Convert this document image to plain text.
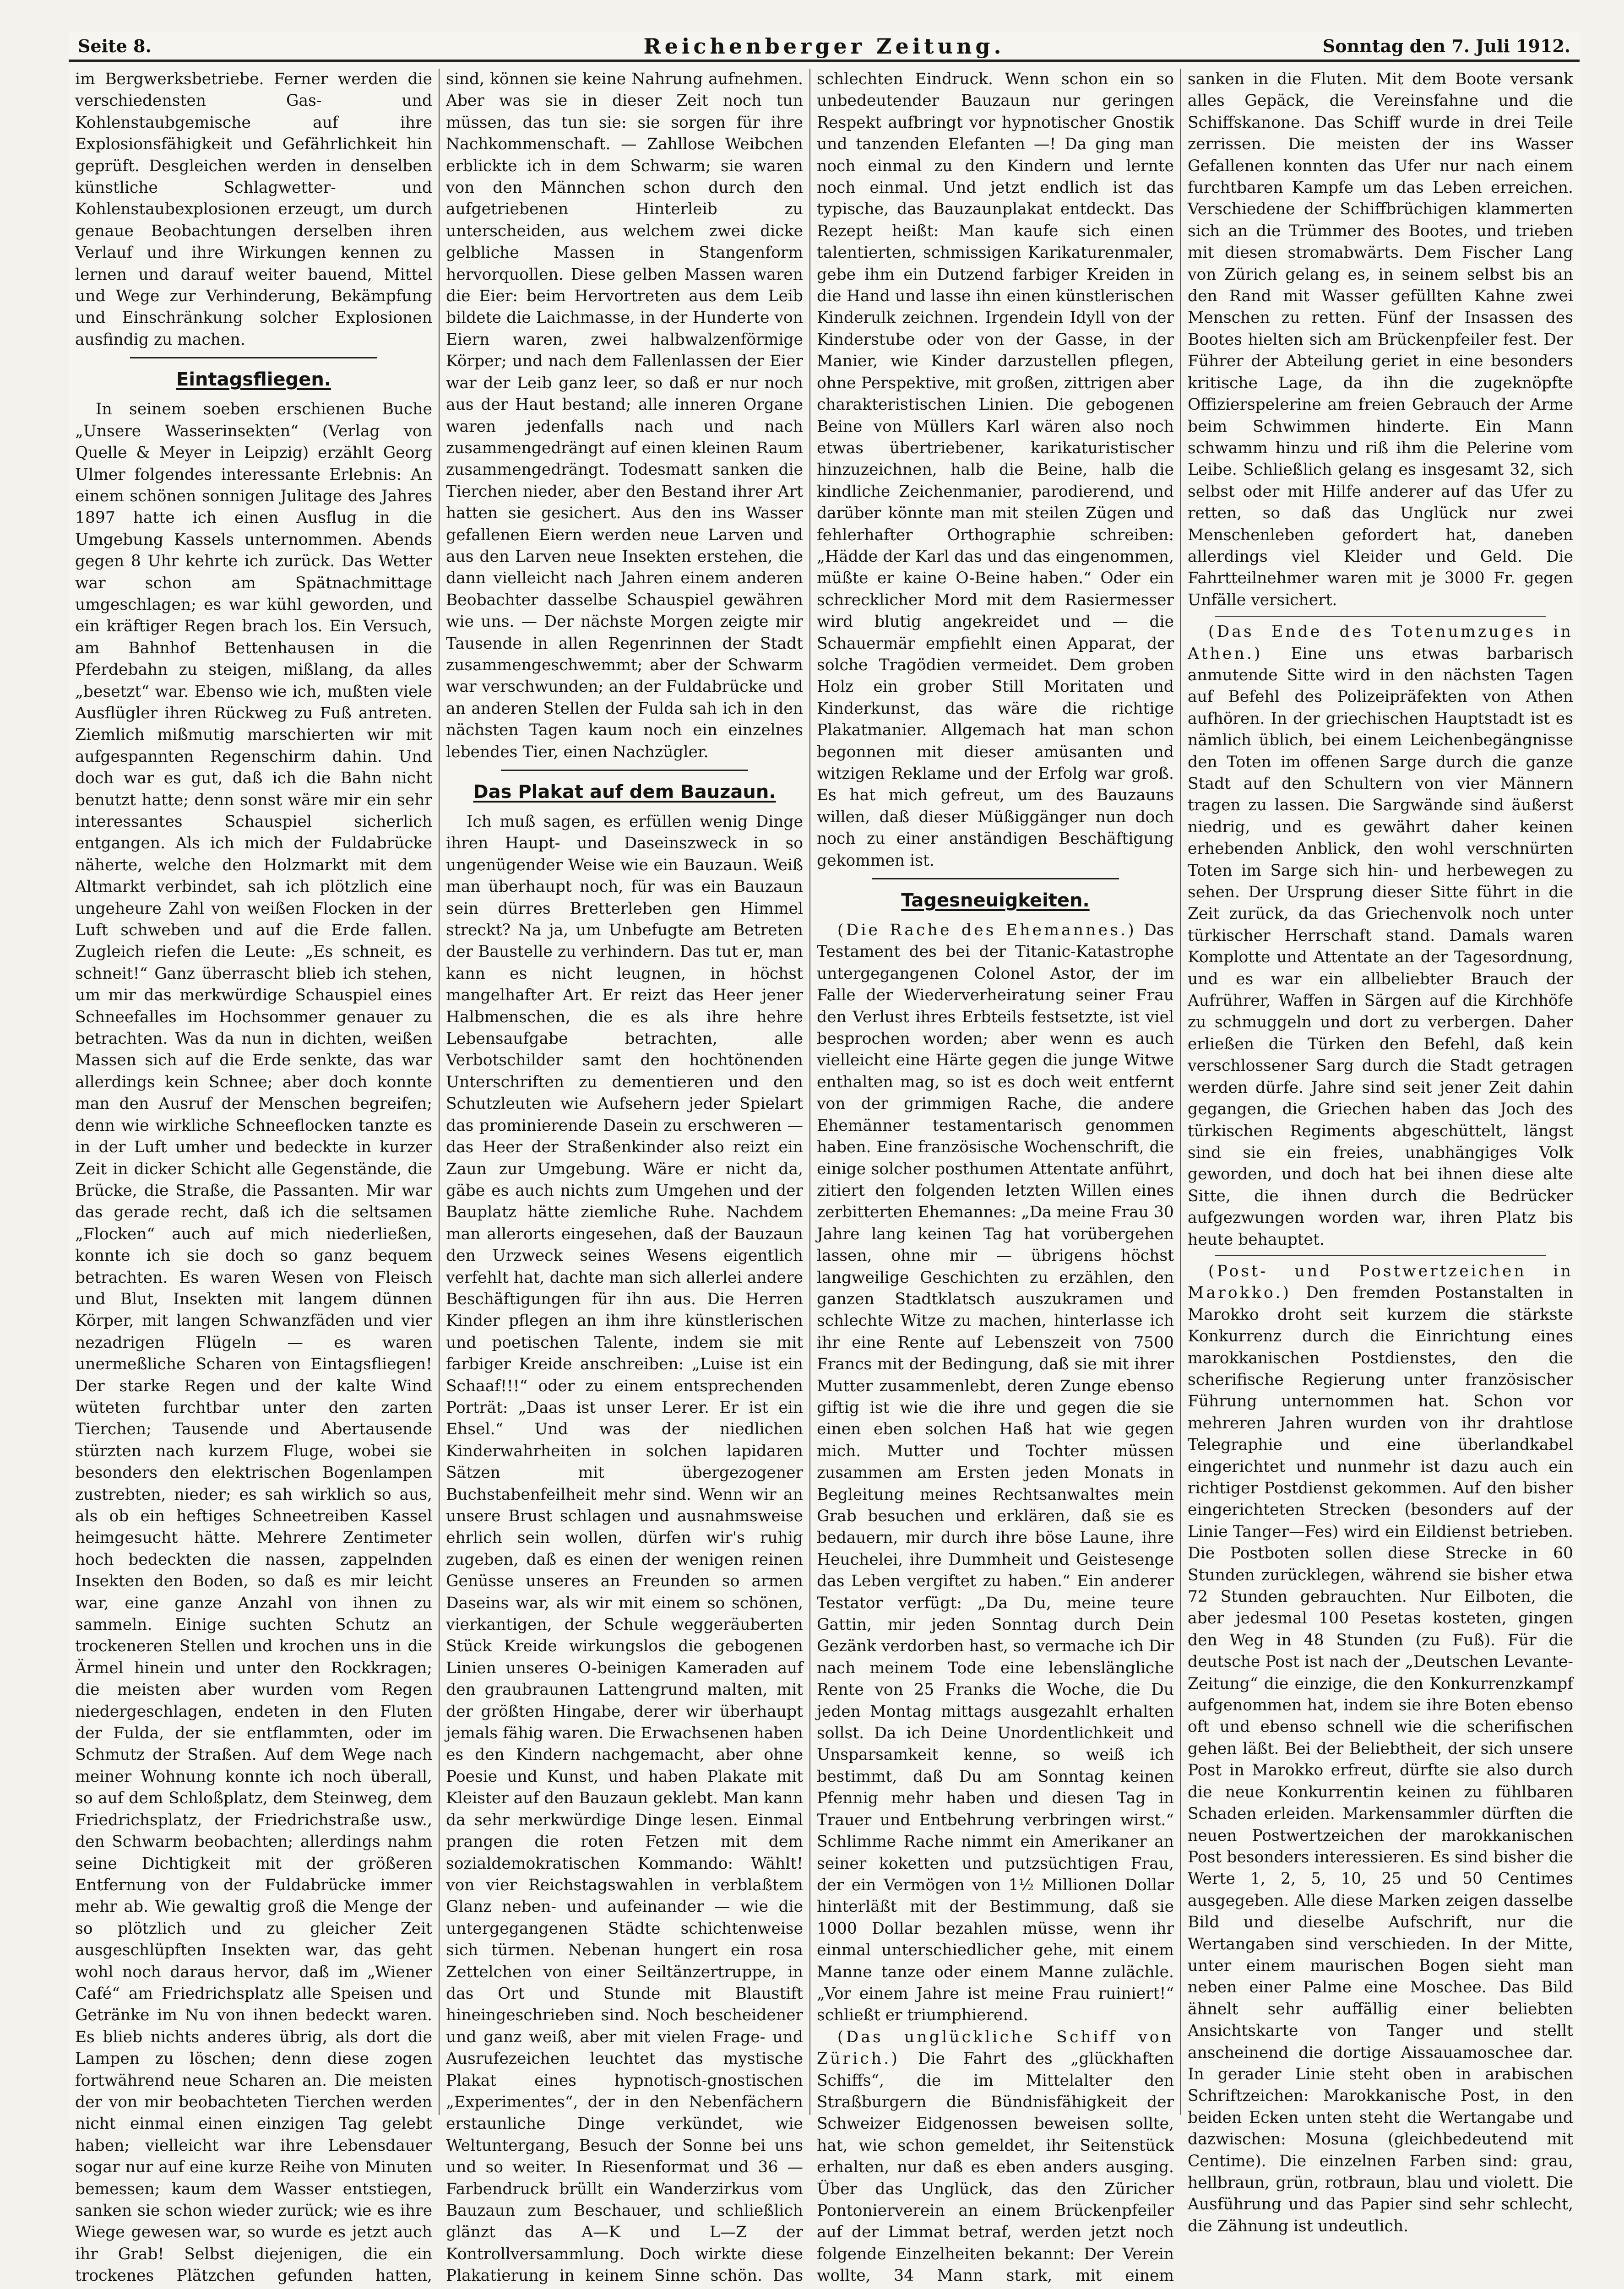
Seite 8.	Reichenberger Zeitung.	Sonntag den 7. Juli 1912.

im Bergwerksbetriebe. Ferner werden die verschiedensten Gas- und Kohlenstaubgemische auf ihre Explosionsfähigkeit und Gefährlichkeit hin geprüft. Desgleichen werden in denselben künstliche Schlagwetter- und Kohlenstaubexplosionen erzeugt, um durch genaue Beobachtungen derselben ihren Verlauf und ihre Wirkungen kennen zu lernen und darauf weiter bauend, Mittel und Wege zur Verhinderung, Bekämpfung und Einschränkung solcher Explosionen ausfindig zu machen.

Eintagsfliegen.

In seinem soeben erschienen Buche „Unsere Wasserinsekten“ (Verlag von Quelle & Meyer in Leipzig) erzählt Georg Ulmer folgendes interessante Erlebnis: An einem schönen sonnigen Julitage des Jahres 1897 hatte ich einen Ausflug in die Umgebung Kassels unternommen. Abends gegen 8 Uhr kehrte ich zurück. Das Wetter war schon am Spätnachmittage umgeschlagen; es war kühl geworden, und ein kräftiger Regen brach los. Ein Versuch, am Bahnhof Bettenhausen in die Pferdebahn zu steigen, mißlang, da alles „besetzt“ war. Ebenso wie ich, mußten viele Ausflügler ihren Rückweg zu Fuß antreten. Ziemlich mißmutig marschierten wir mit aufgespannten Regenschirm dahin. Und doch war es gut, daß ich die Bahn nicht benutzt hatte; denn sonst wäre mir ein sehr interessantes Schauspiel sicherlich entgangen. Als ich mich der Fuldabrücke näherte, welche den Holzmarkt mit dem Altmarkt verbindet, sah ich plötzlich eine ungeheure Zahl von weißen Flocken in der Luft schweben und auf die Erde fallen. Zugleich riefen die Leute: „Es schneit, es schneit!“ Ganz überrascht blieb ich stehen, um mir das merkwürdige Schauspiel eines Schneefalles im Hochsommer genauer zu betrachten. Was da nun in dichten, weißen Massen sich auf die Erde senkte, das war allerdings kein Schnee; aber doch konnte man den Ausruf der Menschen begreifen; denn wie wirkliche Schneeflocken tanzte es in der Luft umher und bedeckte in kurzer Zeit in dicker Schicht alle Gegenstände, die Brücke, die Straße, die Passanten. Mir war das gerade recht, daß ich die seltsamen „Flocken“ auch auf mich niederließen, konnte ich sie doch so ganz bequem betrachten. Es waren Wesen von Fleisch und Blut, Insekten mit langem dünnen Körper, mit langen Schwanzfäden und vier nezadrigen Flügeln — es waren unermeßliche Scharen von Eintagsfliegen! Der starke Regen und der kalte Wind wüteten furchtbar unter den zarten Tierchen; Tausende und Abertausende stürzten nach kurzem Fluge, wobei sie besonders den elektrischen Bogenlampen zustrebten, nieder; es sah wirklich so aus, als ob ein heftiges Schneetreiben Kassel heimgesucht hätte. Mehrere Zentimeter hoch bedeckten die nassen, zappelnden Insekten den Boden, so daß es mir leicht war, eine ganze Anzahl von ihnen zu sammeln. Einige suchten Schutz an trockeneren Stellen und krochen uns in die Ärmel hinein und unter den Rockkragen; die meisten aber wurden vom Regen niedergeschlagen, endeten in den Fluten der Fulda, der sie entflammten, oder im Schmutz der Straßen. Auf dem Wege nach meiner Wohnung konnte ich noch überall, so auf dem Schloßplatz, dem Steinweg, dem Friedrichsplatz, der Friedrichstraße usw., den Schwarm beobachten; allerdings nahm seine Dichtigkeit mit der größeren Entfernung von der Fuldabrücke immer mehr ab. Wie gewaltig groß die Menge der so plötzlich und zu gleicher Zeit ausgeschlüpften Insekten war, das geht wohl noch daraus hervor, daß im „Wiener Café“ am Friedrichsplatz alle Speisen und Getränke im Nu von ihnen bedeckt waren. Es blieb nichts anderes übrig, als dort die Lampen zu löschen; denn diese zogen fortwährend neue Scharen an. Die meisten der von mir beobachteten Tierchen werden nicht einmal einen einzigen Tag gelebt haben; vielleicht war ihre Lebensdauer sogar nur auf eine kurze Reihe von Minuten bemessen; kaum dem Wasser entstiegen, sanken sie schon wieder zurück; wie es ihre Wiege gewesen war, so wurde es jetzt auch ihr Grab! Selbst diejenigen, die ein trockenes Plätzchen gefunden hatten,

sind, können sie keine Nahrung aufnehmen. Aber was sie in dieser Zeit noch tun müssen, das tun sie: sie sorgen für ihre Nachkommenschaft. — Zahllose Weibchen erblickte ich in dem Schwarm; sie waren von den Männchen schon durch den aufgetriebenen Hinterleib zu unterscheiden, aus welchem zwei dicke gelbliche Massen in Stangenform hervorquollen. Diese gelben Massen waren die Eier: beim Hervortreten aus dem Leib bildete die Laichmasse, in der Hunderte von Eiern waren, zwei halbwalzenförmige Körper; und nach dem Fallenlassen der Eier war der Leib ganz leer, so daß er nur noch aus der Haut bestand; alle inneren Organe waren jedenfalls nach und nach zusammengedrängt auf einen kleinen Raum zusammengedrängt. Todesmatt sanken die Tierchen nieder, aber den Bestand ihrer Art hatten sie gesichert. Aus den ins Wasser gefallenen Eiern werden neue Larven und aus den Larven neue Insekten erstehen, die dann vielleicht nach Jahren einem anderen Beobachter dasselbe Schauspiel gewähren wie uns. — Der nächste Morgen zeigte mir Tausende in allen Regenrinnen der Stadt zusammengeschwemmt; aber der Schwarm war verschwunden; an der Fuldabrücke und an anderen Stellen der Fulda sah ich in den nächsten Tagen kaum noch ein einzelnes lebendes Tier, einen Nachzügler.

Das Plakat auf dem Bauzaun.

Ich muß sagen, es erfüllen wenig Dinge ihren Haupt- und Daseinszweck in so ungenügender Weise wie ein Bauzaun. Weiß man überhaupt noch, für was ein Bauzaun sein dürres Bretterleben gen Himmel streckt? Na ja, um Unbefugte am Betreten der Baustelle zu verhindern. Das tut er, man kann es nicht leugnen, in höchst mangelhafter Art. Er reizt das Heer jener Halbmenschen, die es als ihre hehre Lebensaufgabe betrachten, alle Verbotschilder samt den hochtönenden Unterschriften zu dementieren und den Schutzleuten wie Aufsehern jeder Spielart das prominierende Dasein zu erschweren — das Heer der Straßenkinder also reizt ein Zaun zur Umgebung. Wäre er nicht da, gäbe es auch nichts zum Umgehen und der Bauplatz hätte ziemliche Ruhe. Nachdem man allerorts eingesehen, daß der Bauzaun den Urzweck seines Wesens eigentlich verfehlt hat, dachte man sich allerlei andere Beschäftigungen für ihn aus. Die Herren Kinder pflegen an ihm ihre künstlerischen und poetischen Talente, indem sie mit farbiger Kreide anschreiben: „Luise ist ein Schaaf!!!“ oder zu einem entsprechenden Porträt: „Daas ist unser Lerer. Er ist ein Ehsel.“ Und was der niedlichen Kinderwahrheiten in solchen lapidaren Sätzen mit übergezogener Buchstabenfeilheit mehr sind. Wenn wir an unsere Brust schlagen und ausnahmsweise ehrlich sein wollen, dürfen wir's ruhig zugeben, daß es einen der wenigen reinen Genüsse unseres an Freunden so armen Daseins war, als wir mit einem so schönen, vierkantigen, der Schule weggeräuberten Stück Kreide wirkungslos die gebogenen Linien unseres O-beinigen Kameraden auf den graubraunen Lattengrund malten, mit der größten Hingabe, derer wir überhaupt jemals fähig waren. Die Erwachsenen haben es den Kindern nachgemacht, aber ohne Poesie und Kunst, und haben Plakate mit Kleister auf den Bauzaun geklebt. Man kann da sehr merkwürdige Dinge lesen. Einmal prangen die roten Fetzen mit dem sozialdemokratischen Kommando: Wählt! von vier Reichstagswahlen in verblaßtem Glanz neben- und aufeinander — wie die untergegangenen Städte schichtenweise sich türmen. Nebenan hungert ein rosa Zettelchen von einer Seiltänzertruppe, in das Ort und Stunde mit Blaustift hineingeschrieben sind. Noch bescheidener und ganz weiß, aber mit vielen Frage- und Ausrufezeichen leuchtet das mystische Plakat eines hypnotisch-gnostischen „Experimentes“, der in den Nebenfächern erstaunliche Dinge verkündet, wie Weltuntergang, Besuch der Sonne bei uns und so weiter. In Riesenformat und 36 — Farbendruck brüllt ein Wanderzirkus vom Bauzaun zum Beschauer, und schließlich glänzt das A—K und L—Z der Kontrollversammlung. Doch wirkte diese Plakatierung in keinem Sinne schön. Das

schlechten Eindruck. Wenn schon ein so unbedeutender Bauzaun nur geringen Respekt aufbringt vor hypnotischer Gnostik und tanzenden Elefanten —! Da ging man noch einmal zu den Kindern und lernte noch einmal. Und jetzt endlich ist das typische, das Bauzaunplakat entdeckt. Das Rezept heißt: Man kaufe sich einen talentierten, schmissigen Karikaturenmaler, gebe ihm ein Dutzend farbiger Kreiden in die Hand und lasse ihn einen künstlerischen Kinderulk zeichnen. Irgendein Idyll von der Kinderstube oder von der Gasse, in der Manier, wie Kinder darzustellen pflegen, ohne Perspektive, mit großen, zittrigen aber charakteristischen Linien. Die gebogenen Beine von Müllers Karl wären also noch etwas übertriebener, karikaturistischer hinzuzeichnen, halb die Beine, halb die kindliche Zeichenmanier, parodierend, und darüber könnte man mit steilen Zügen und fehlerhafter Orthographie schreiben: „Hädde der Karl das und das eingenommen, müßte er kaine O-Beine haben.“ Oder ein schrecklicher Mord mit dem Rasiermesser wird blutig angekreidet und — die Schauermär empfiehlt einen Apparat, der solche Tragödien vermeidet. Dem groben Holz ein grober Still Moritaten und Kinderkunst, das wäre die richtige Plakatmanier. Allgemach hat man schon begonnen mit dieser amüsanten und witzigen Reklame und der Erfolg war groß. Es hat mich gefreut, um des Bauzauns willen, daß dieser Müßiggänger nun doch noch zu einer anständigen Beschäftigung gekommen ist.

Tagesneuigkeiten.

(Die Rache des Ehemannes.) Das Testament des bei der Titanic-Katastrophe untergegangenen Colonel Astor, der im Falle der Wiederverheiratung seiner Frau den Verlust ihres Erbteils festsetzte, ist viel besprochen worden; aber wenn es auch vielleicht eine Härte gegen die junge Witwe enthalten mag, so ist es doch weit entfernt von der grimmigen Rache, die andere Ehemänner testamentarisch genommen haben. Eine französische Wochenschrift, die einige solcher posthumen Attentate anführt, zitiert den folgenden letzten Willen eines zerbitterten Ehemannes: „Da meine Frau 30 Jahre lang keinen Tag hat vorübergehen lassen, ohne mir — übrigens höchst langweilige Geschichten zu erzählen, den ganzen Stadtklatsch auszukramen und schlechte Witze zu machen, hinterlasse ich ihr eine Rente auf Lebenszeit von 7500 Francs mit der Bedingung, daß sie mit ihrer Mutter zusammenlebt, deren Zunge ebenso giftig ist wie die ihre und gegen die sie einen eben solchen Haß hat wie gegen mich. Mutter und Tochter müssen zusammen am Ersten jeden Monats in Begleitung meines Rechtsanwaltes mein Grab besuchen und erklären, daß sie es bedauern, mir durch ihre böse Laune, ihre Heuchelei, ihre Dummheit und Geistesenge das Leben vergiftet zu haben.“ Ein anderer Testator verfügt: „Da Du, meine teure Gattin, mir jeden Sonntag durch Dein Gezänk verdorben hast, so vermache ich Dir nach meinem Tode eine lebenslängliche Rente von 25 Franks die Woche, die Du jeden Montag mittags ausgezahlt erhalten sollst. Da ich Deine Unordentlichkeit und Unsparsamkeit kenne, so weiß ich bestimmt, daß Du am Sonntag keinen Pfennig mehr haben und diesen Tag in Trauer und Entbehrung verbringen wirst.“ Schlimme Rache nimmt ein Amerikaner an seiner koketten und putzsüchtigen Frau, der ein Vermögen von 1½ Millionen Dollar hinterläßt mit der Bestimmung, daß sie 1000 Dollar bezahlen müsse, wenn ihr einmal unterschiedlicher gehe, mit einem Manne tanze oder einem Manne zulächle. „Vor einem Jahre ist meine Frau ruiniert!“ schließt er triumphierend.

(Das unglückliche Schiff von Zürich.) Die Fahrt des „glückhaften Schiffs“, die im Mittelalter den Straßburgern die Bündnisfähigkeit der Schweizer Eidgenossen beweisen sollte, hat, wie schon gemeldet, ihr Seitenstück erhalten, nur daß es eben anders ausging. Über das Unglück, das den Züricher Pontonierverein an einem Brückenpfeiler auf der Limmat betraf, werden jetzt noch folgende Einzelheiten bekannt: Der Verein wollte, 34 Mann stark, mit einem

sanken in die Fluten. Mit dem Boote versank alles Gepäck, die Vereinsfahne und die Schiffskanone. Das Schiff wurde in drei Teile zerrissen. Die meisten der ins Wasser Gefallenen konnten das Ufer nur nach einem furchtbaren Kampfe um das Leben erreichen. Verschiedene der Schiffbrüchigen klammerten sich an die Trümmer des Bootes, und trieben mit diesen stromabwärts. Dem Fischer Lang von Zürich gelang es, in seinem selbst bis an den Rand mit Wasser gefüllten Kahne zwei Menschen zu retten. Fünf der Insassen des Bootes hielten sich am Brückenpfeiler fest. Der Führer der Abteilung geriet in eine besonders kritische Lage, da ihn die zugeknöpfte Offizierspelerine am freien Gebrauch der Arme beim Schwimmen hinderte. Ein Mann schwamm hinzu und riß ihm die Pelerine vom Leibe. Schließlich gelang es insgesamt 32, sich selbst oder mit Hilfe anderer auf das Ufer zu retten, so daß das Unglück nur zwei Menschenleben gefordert hat, daneben allerdings viel Kleider und Geld. Die Fahrtteilnehmer waren mit je 3000 Fr. gegen Unfälle versichert.

(Das Ende des Totenumzuges in Athen.) Eine uns etwas barbarisch anmutende Sitte wird in den nächsten Tagen auf Befehl des Polizeipräfekten von Athen aufhören. In der griechischen Hauptstadt ist es nämlich üblich, bei einem Leichenbegängnisse den Toten im offenen Sarge durch die ganze Stadt auf den Schultern von vier Männern tragen zu lassen. Die Sargwände sind äußerst niedrig, und es gewährt daher keinen erhebenden Anblick, den wohl verschnürten Toten im Sarge sich hin- und herbewegen zu sehen. Der Ursprung dieser Sitte führt in die Zeit zurück, da das Griechenvolk noch unter türkischer Herrschaft stand. Damals waren Komplotte und Attentate an der Tagesordnung, und es war ein allbeliebter Brauch der Aufrührer, Waffen in Särgen auf die Kirchhöfe zu schmuggeln und dort zu verbergen. Daher erließen die Türken den Befehl, daß kein verschlossener Sarg durch die Stadt getragen werden dürfe. Jahre sind seit jener Zeit dahin gegangen, die Griechen haben das Joch des türkischen Regiments abgeschüttelt, längst sind sie ein freies, unabhängiges Volk geworden, und doch hat bei ihnen diese alte Sitte, die ihnen durch die Bedrücker aufgezwungen worden war, ihren Platz bis heute behauptet.

(Post- und Postwertzeichen in Marokko.) Den fremden Postanstalten in Marokko droht seit kurzem die stärkste Konkurrenz durch die Einrichtung eines marokkanischen Postdienstes, den die scherifische Regierung unter französischer Führung unternommen hat. Schon vor mehreren Jahren wurden von ihr drahtlose Telegraphie und eine überlandkabel eingerichtet und nunmehr ist dazu auch ein richtiger Postdienst gekommen. Auf den bisher eingerichteten Strecken (besonders auf der Linie Tanger—Fes) wird ein Eildienst betrieben. Die Postboten sollen diese Strecke in 60 Stunden zurücklegen, während sie bisher etwa 72 Stunden gebrauchten. Nur Eilboten, die aber jedesmal 100 Pesetas kosteten, gingen den Weg in 48 Stunden (zu Fuß). Für die deutsche Post ist nach der „Deutschen Levante-Zeitung“ die einzige, die den Konkurrenzkampf aufgenommen hat, indem sie ihre Boten ebenso oft und ebenso schnell wie die scherifischen gehen läßt. Bei der Beliebtheit, der sich unsere Post in Marokko erfreut, dürfte sie also durch die neue Konkurrentin keinen zu fühlbaren Schaden erleiden. Markensammler dürften die neuen Postwertzeichen der marokkanischen Post besonders interessieren. Es sind bisher die Werte 1, 2, 5, 10, 25 und 50 Centimes ausgegeben. Alle diese Marken zeigen dasselbe Bild und dieselbe Aufschrift, nur die Wertangaben sind verschieden. In der Mitte, unter einem maurischen Bogen sieht man neben einer Palme eine Moschee. Das Bild ähnelt sehr auffällig einer beliebten Ansichtskarte von Tanger und stellt anscheinend die dortige Aissauamoschee dar. In gerader Linie steht oben in arabischen Schriftzeichen: Marokkanische Post, in den beiden Ecken unten steht die Wertangabe und dazwischen: Mosuna (gleichbedeutend mit Centime). Die einzelnen Farben sind: grau, hellbraun, grün, rotbraun, blau und violett. Die Ausführung und das Papier sind sehr schlecht, die Zähnung ist undeutlich.
